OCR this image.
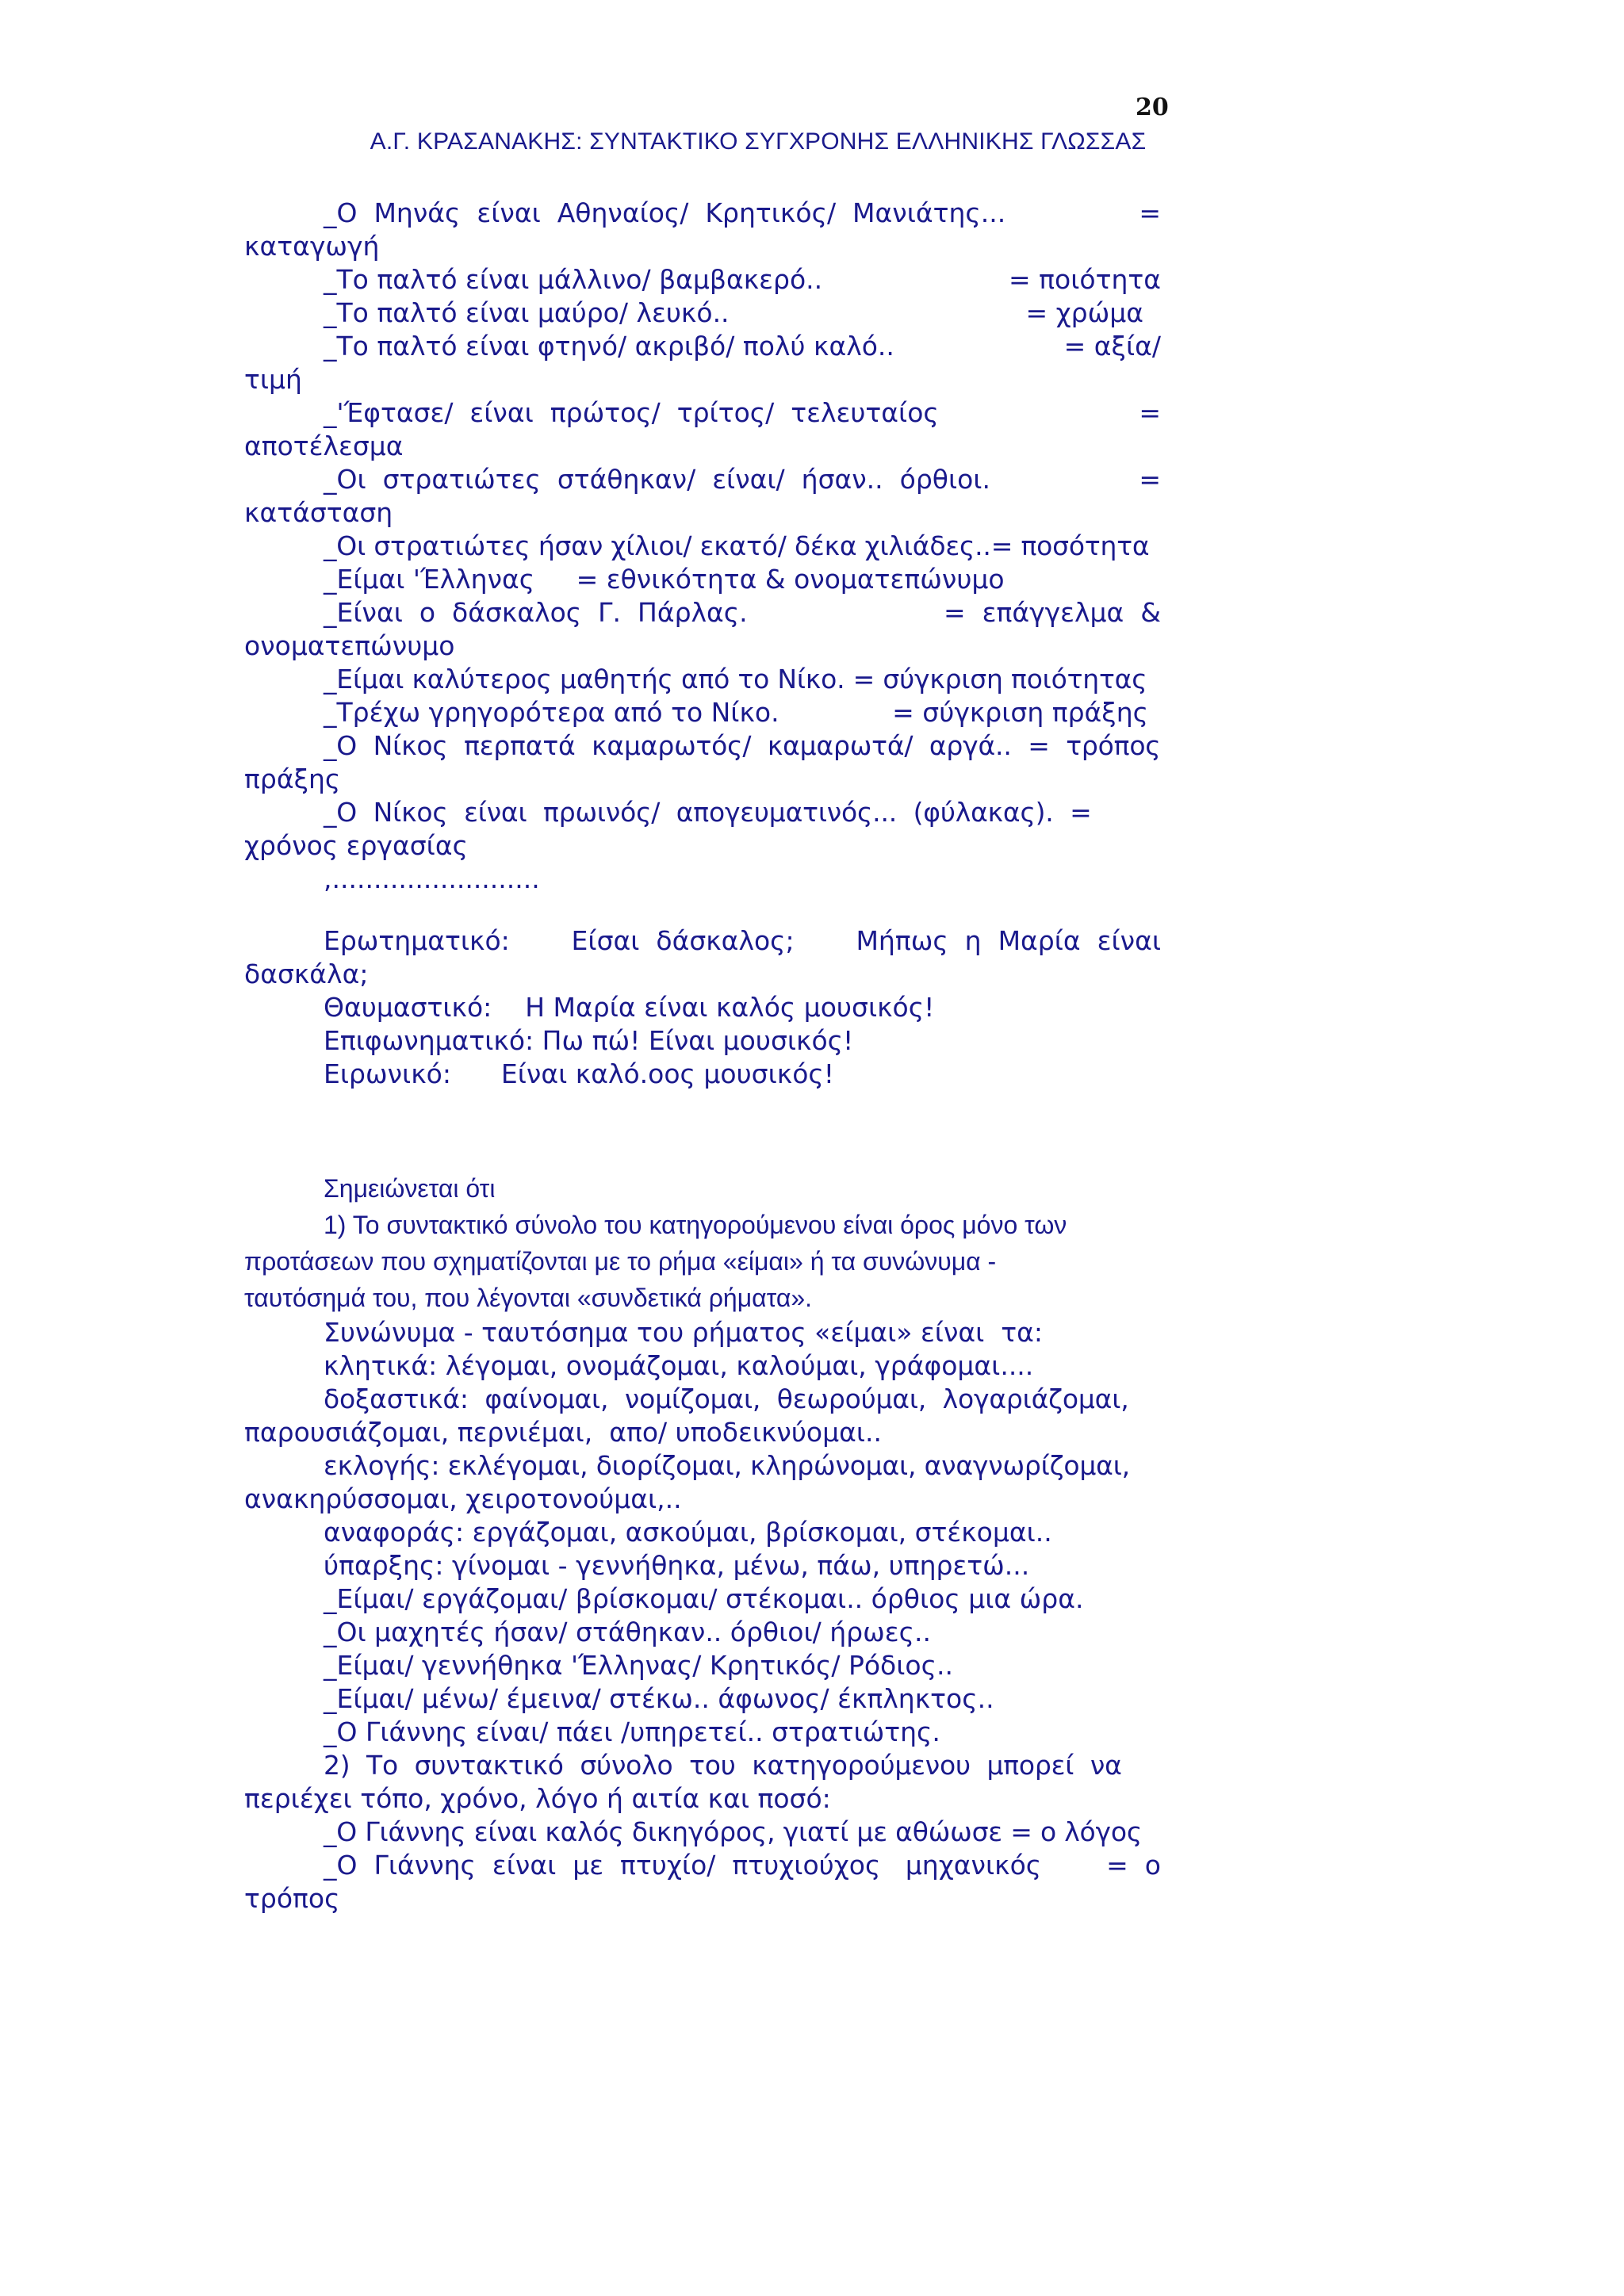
20
Α.Γ. ΚΡΑΣΑΝΑΚΗΣ: ΣΥΝΤΑΚΤΙΚΟ ΣΥΓΧΡΟΝΗΣ ΕΛΛΗΝΙΚΗΣ ΓΛΩΣΣΑΣ
_Ο  Μηνάς  είναι  Αθηναίος/  Κρητικός/  Μανιάτης...	=
καταγωγή
_Το παλτό είναι μάλλινο/ βαμβακερό..	= ποιότητα
_Το παλτό είναι μαύρο/ λευκό..	= χρώμα
_Το παλτό είναι φτηνό/ ακριβό/ πολύ καλό..	= αξία/
τιμή
_'Έφτασε/  είναι  πρώτος/  τρίτος/  τελευταίος	=
αποτέλεσμα
_Οι  στρατιώτες  στάθηκαν/  είναι/  ήσαν..  όρθιοι.	=
κατάσταση
_Οι στρατιώτες ήσαν χίλιοι/ εκατό/ δέκα χιλιάδες..= ποσότητα
_Είμαι 'Έλληνας     = εθνικότητα & ονοματεπώνυμο
_Είναι  ο  δάσκαλος  Γ.  Πάρλας.	=  επάγγελμα  &
ονοματεπώνυμο
_Είμαι καλύτερος μαθητής από το Νίκο. = σύγκριση ποιότητας
_Τρέχω γρηγορότερα από το Νίκο.	= σύγκριση πράξης
_Ο  Νίκος  περπατά  καμαρωτός/  καμαρωτά/  αργά..  =  τρόπος
πράξης
_Ο  Νίκος  είναι  πρωινός/  απογευματινός...  (φύλακας).  =
χρόνος εργασίας
,.........................
Ερωτηματικό: Είσαι  δάσκαλος; Μήπως  η  Μαρία  είναι
δασκάλα;
Θαυμαστικό:    Η Μαρία είναι καλός μουσικός!
Επιφωνηματικό: Πω πώ! Είναι μουσικός!
Ειρωνικό:      Είναι καλό.οος μουσικός!
Σημειώνεται ότι
1) Το συντακτικό σύνολο του κατηγορούμενου είναι όρος μόνο των
προτάσεων που σχηματίζονται με το ρήμα «είμαι» ή τα συνώνυμα -
ταυτόσημά του, που λέγονται «συνδετικά ρήματα».
Συνώνυμα - ταυτόσημα του ρήματος «είμαι» είναι  τα:
κλητικά: λέγομαι, ονομάζομαι, καλούμαι, γράφομαι....
δοξαστικά:  φαίνομαι,  νομίζομαι,  θεωρούμαι,  λογαριάζομαι,
παρουσιάζομαι, περνιέμαι,  απο/ υποδεικνύομαι..
εκλογής: εκλέγομαι, διορίζομαι, κληρώνομαι, αναγνωρίζομαι,
ανακηρύσσομαι, χειροτονούμαι,..
αναφοράς: εργάζομαι, ασκούμαι, βρίσκομαι, στέκομαι..
ύπαρξης: γίνομαι - γεννήθηκα, μένω, πάω, υπηρετώ...
_Είμαι/ εργάζομαι/ βρίσκομαι/ στέκομαι.. όρθιος μια ώρα.
_Οι μαχητές ήσαν/ στάθηκαν.. όρθιοι/ ήρωες..
_Είμαι/ γεννήθηκα 'Έλληνας/ Κρητικός/ Ρόδιος..
_Είμαι/ μένω/ έμεινα/ στέκω.. άφωνος/ έκπληκτος..
_Ο Γιάννης είναι/ πάει /υπηρετεί.. στρατιώτης.
2)  Το  συντακτικό  σύνολο  του  κατηγορούμενου  μπορεί  να
περιέχει τόπο, χρόνο, λόγο ή αιτία και ποσό:
_Ο Γιάννης είναι καλός δικηγόρος, γιατί με αθώωσε = ο λόγος
_Ο  Γιάννης  είναι  με  πτυχίο/  πτυχιούχος   μηχανικός =  ο
τρόπος
